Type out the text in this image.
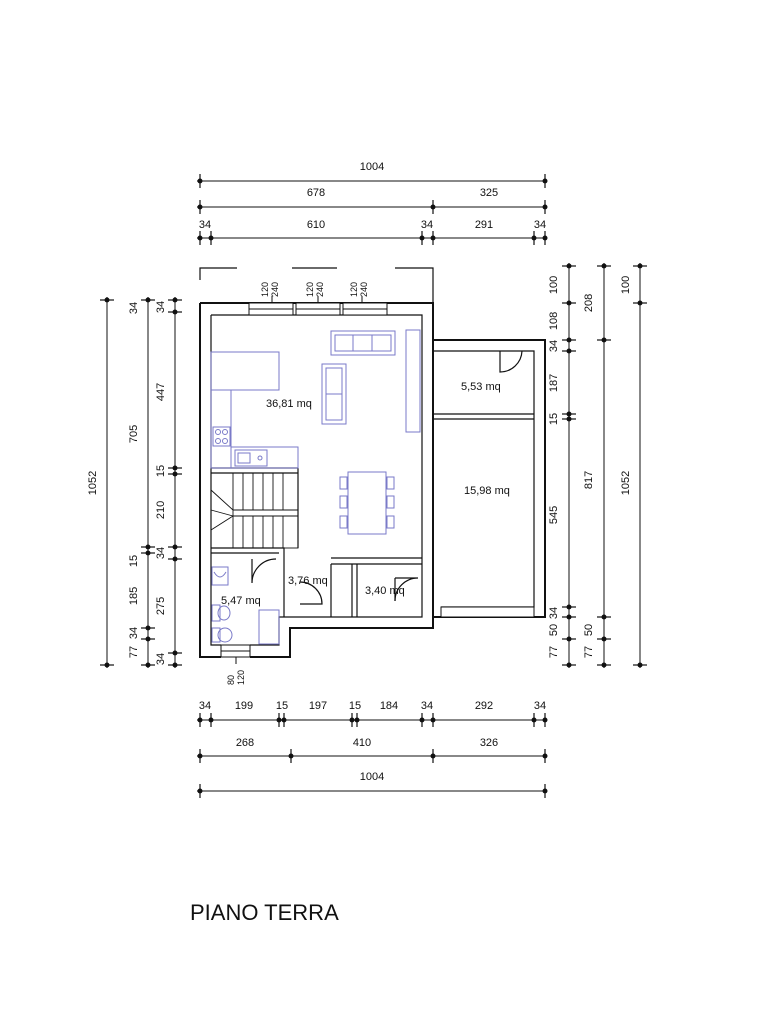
1004
678	325
34	610	34	291	34
36,81 mq
5,53 mq
15,98 mq
3,76 mq
3,40 mq
5,47 mq
120 240	120 240	120 240
80 120
1052
34
705
15
185
34
77
34
447
15
210
34
275
34
100
108
34
187
15
545
34
50
77
208
817
50
77
100
1052
34 199 15 197 15 184 34	292	34
268	410	326
1004
PIANO TERRA
